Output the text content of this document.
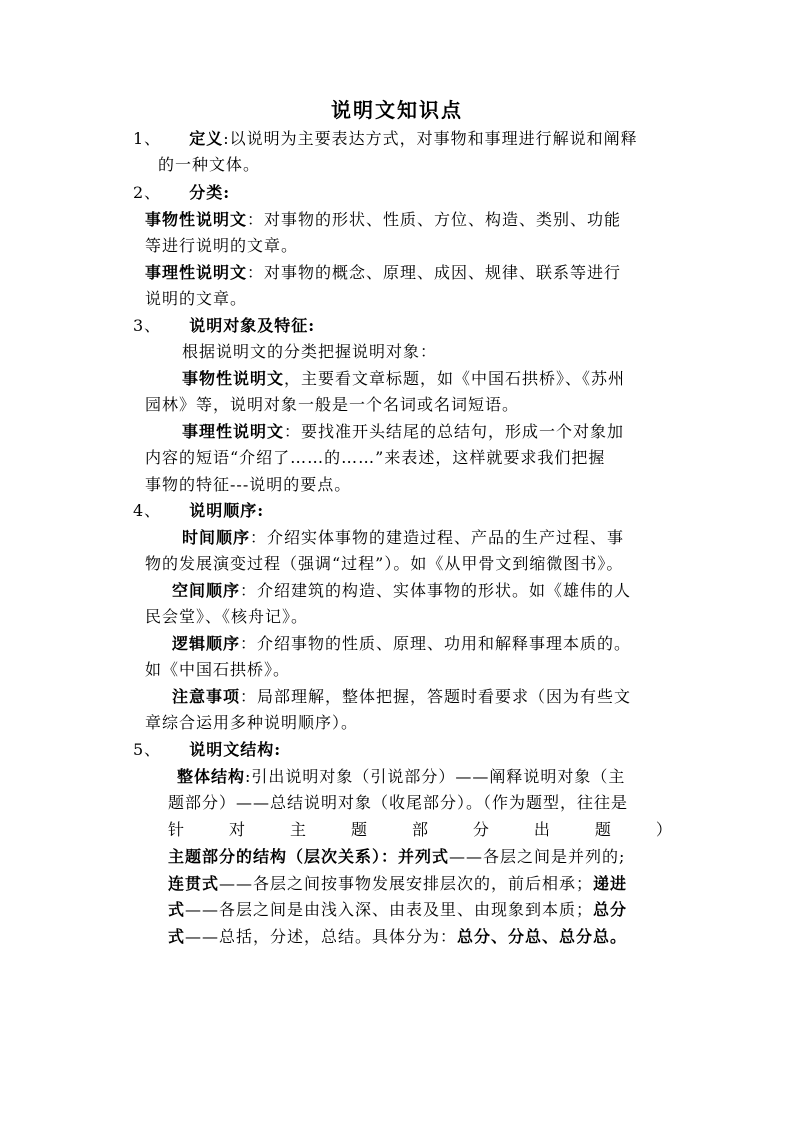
说明文知识点
1、 定义:以说明为主要表达方式，对事物和事理进行解说和阐释
的一种文体。
2、 分类:
事物性说明文：对事物的形状、性质、方位、构造、类别、功能
等进行说明的文章。
事理性说明文：对事物的概念、原理、成因、规律、联系等进行
说明的文章。
3、 说明对象及特征:
根据说明文的分类把握说明对象：
事物性说明文，主要看文章标题，如《中国石拱桥》、《苏州
园林》等，说明对象一般是一个名词或名词短语。
事理性说明文：要找准开头结尾的总结句，形成一个对象加
内容的短语“介绍了……的……”来表述，这样就要求我们把握
事物的特征---说明的要点。
4、 说明顺序:
时间顺序：介绍实体事物的建造过程、产品的生产过程、事
物的发展演变过程（强调“过程”）。如《从甲骨文到缩微图书》。
空间顺序：介绍建筑的构造、实体事物的形状。如《雄伟的人
民会堂》、《核舟记》。
逻辑顺序：介绍事物的性质、原理、功用和解释事理本质的。
如《中国石拱桥》。
注意事项：局部理解，整体把握，答题时看要求（因为有些文
章综合运用多种说明顺序）。
5、 说明文结构:
整体结构:引出说明对象（引说部分）——阐释说明对象（主
题部分）——总结说明对象（收尾部分）。（作为题型，往往是
针	对	主	题	部	分	出	题	）
主题部分的结构（层次关系）：并列式——各层之间是并列的;
连贯式——各层之间按事物发展安排层次的，前后相承；递进
式——各层之间是由浅入深、由表及里、由现象到本质；总分
式——总括，分述，总结。具体分为：总分、分总、总分总。
